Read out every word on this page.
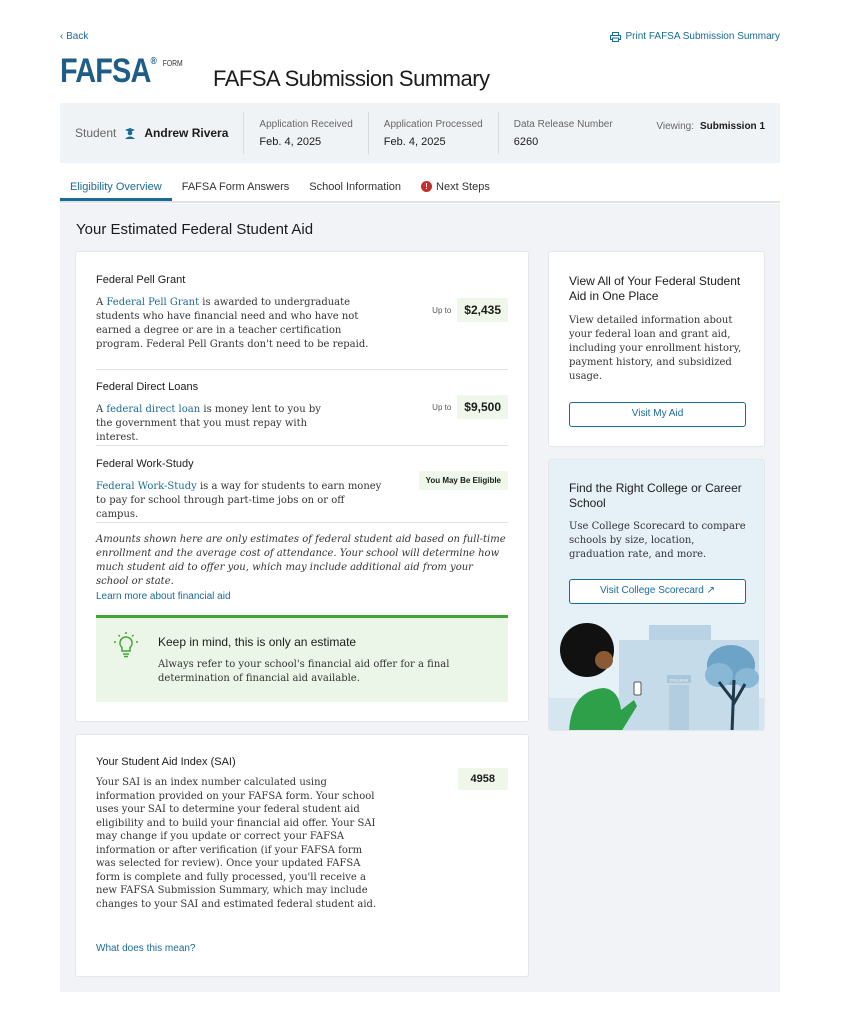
‹ Back	Print FAFSA Submission Summary
FAFSA® $^{FORM}$
FAFSA Submission Summary
Student Andrew Rivera
Application Received
Feb. 4, 2025
Application Processed
Feb. 4, 2025
Data Release Number
6260
Viewing: Submission 1
Eligibility Overview	FAFSA Form Answers	School Information	! Next Steps
Your Estimated Federal Student Aid
Federal Pell Grant

A Federal Pell Grant is awarded to undergraduate students who have financial need and who have not earned a degree or are in a teacher certification program. Federal Pell Grants don't need to be repaid.

Up to	$2,435
Federal Direct Loans

A federal direct loan is money lent to you by the government that you must repay with interest.

Up to	$9,500
Federal Work-Study

Federal Work-Study is a way for students to earn money to pay for school through part-time jobs on or off campus.

You May Be Eligible

Amounts shown here are only estimates of federal student aid based on full-time enrollment and the average cost of attendance. Your school will determine how much student aid to offer you, which may include additional aid from your school or state.

Learn more about financial aid
Keep in mind, this is only an estimate

Always refer to your school's financial aid offer for a final determination of financial aid available.

Your Student Aid Index (SAI)
4958

Your SAI is an index number calculated using information provided on your FAFSA form. Your school uses your SAI to determine your federal student aid eligibility and to build your financial aid offer. Your SAI may change if you update or correct your FAFSA information or after verification (if your FAFSA form was selected for review). Once your updated FAFSA form is complete and fully processed, you'll receive a new FAFSA Submission Summary, which may include changes to your SAI and estimated federal student aid.

What does this mean?
View All of Your Federal Student Aid in One Place

View detailed information about your federal loan and grant aid, including your enrollment history, payment history, and subsidized usage.

Visit My Aid
Find the Right College or Career School

Use College Scorecard to compare schools by size, location, graduation rate, and more.

Visit College Scorecard ↗
COLLEGE
